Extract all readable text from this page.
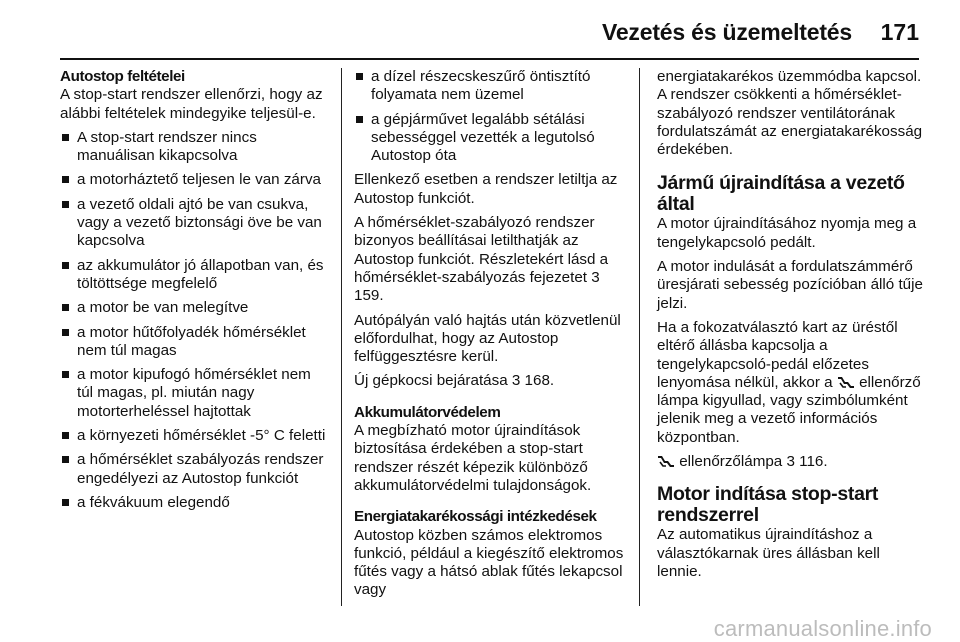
Vezetés és üzemeltetés 171
Autostop feltételei
A stop-start rendszer ellenőrzi, hogy az alábbi feltételek mindegyike teljesül-e.
A stop-start rendszer nincs manuálisan kikapcsolva
a motorháztető teljesen le van zárva
a vezető oldali ajtó be van csukva, vagy a vezető biztonsági öve be van kapcsolva
az akkumulátor jó állapotban van, és töltöttsége megfelelő
a motor be van melegítve
a motor hűtőfolyadék hőmérséklet nem túl magas
a motor kipufogó hőmérséklet nem túl magas, pl. miután nagy motorterheléssel hajtottak
a környezeti hőmérséklet -5° C feletti
a hőmérséklet szabályozás rendszer engedélyezi az Autostop funkciót
a fékvákuum elegendő
a dízel részecskeszűrő öntisztító folyamata nem üzemel
a gépjárművet legalább sétálási sebességgel vezették a legutolsó Autostop óta
Ellenkező esetben a rendszer letiltja az Autostop funkciót.
A hőmérséklet-szabályozó rendszer bizonyos beállításai letilthatják az Autostop funkciót. Részletekért lásd a hőmérséklet-szabályozás fejezetet 3 159.
Autópályán való hajtás után közvetlenül előfordulhat, hogy az Autostop felfüggesztésre kerül.
Új gépkocsi bejáratása 3 168.
Akkumulátorvédelem
A megbízható motor újraindítások biztosítása érdekében a stop-start rendszer részét képezik különböző akkumulátorvédelmi tulajdonságok.
Energiatakarékossági intézkedések
Autostop közben számos elektromos funkció, például a kiegészítő elektromos fűtés vagy a hátsó ablak fűtés lekapcsol vagy
energiatakarékos üzemmódba kapcsol. A rendszer csökkenti a hőmérséklet-szabályozó rendszer ventilátorának fordulatszámát az energiatakarékosság érdekében.
Jármű újraindítása a vezető által
A motor újraindításához nyomja meg a tengelykapcsoló pedált.
A motor indulását a fordulatszámmérő üresjárati sebesség pozícióban álló tűje jelzi.
Ha a fokozatválasztó kart az üréstől eltérő állásba kapcsolja a tengelykapcsoló-pedál előzetes lenyomása nélkül, akkor a ellenőrző lámpa kigyullad, vagy szimbólumként jelenik meg a vezető információs központban.
ellenőrzőlámpa 3 116.
Motor indítása stop-start rendszerrel
Az automatikus újraindításhoz a választókarnak üres állásban kell lennie.
carmanualsonline.info
